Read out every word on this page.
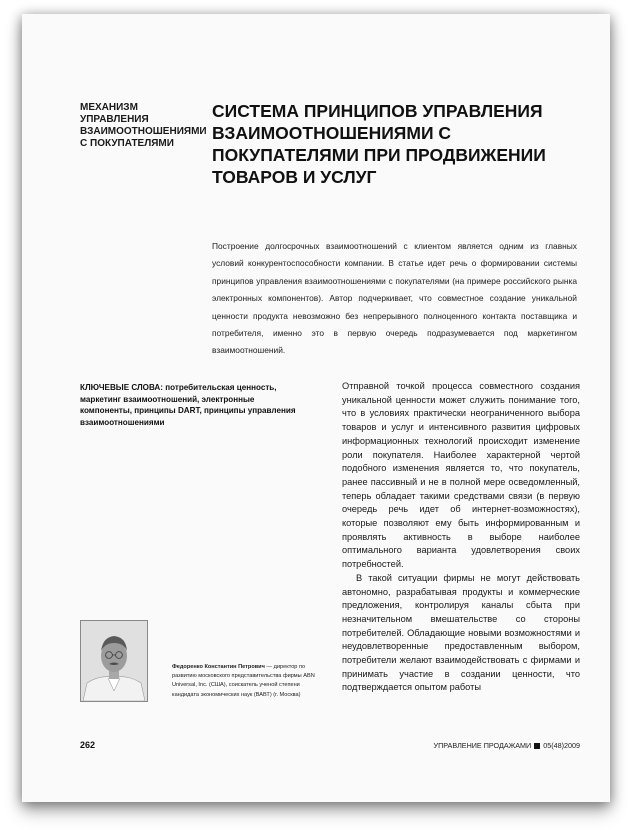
МЕХАНИЗМ УПРАВЛЕНИЯ ВЗАИМООТНОШЕНИЯМИ С ПОКУПАТЕЛЯМИ
СИСТЕМА ПРИНЦИПОВ УПРАВЛЕНИЯ ВЗАИМООТНОШЕНИЯМИ С ПОКУПАТЕЛЯМИ ПРИ ПРОДВИЖЕНИИ ТОВАРОВ И УСЛУГ
Построение долгосрочных взаимоотношений с клиентом является одним из главных условий конкурентоспособности компании. В статье идет речь о формировании системы принципов управления взаимоотношениями с покупателями (на примере российского рынка электронных компонентов). Автор подчеркивает, что совместное создание уникальной ценности продукта невозможно без непрерывного полноценного контакта поставщика и потребителя, именно это в первую очередь подразумевается под маркетингом взаимоотношений.
КЛЮЧЕВЫЕ СЛОВА: потребительская ценность, маркетинг взаимоотношений, электронные компоненты, принципы DART, принципы управления взаимоотношениями

Отправной точкой процесса совместного создания уникальной ценности может служить понимание того, что в условиях практически неограниченного выбора товаров и услуг и интенсивного развития цифровых информационных технологий происходит изменение роли покупателя. Наиболее характерной чертой подобного изменения является то, что покупатель, ранее пассивный и не в полной мере осведомленный, теперь обладает такими средствами связи (в первую очередь речь идет об интернет-возможностях), которые позволяют ему быть информированным и проявлять активность в выборе наиболее оптимального варианта удовлетворения своих потребностей.

В такой ситуации фирмы не могут действовать автономно, разрабатывая продукты и коммерческие предложения, контролируя каналы сбыта при незначительном вмешательстве со стороны потребителей. Обладающие новыми возможностями и неудовлетворенные предоставленным выбором, потребители желают взаимодействовать с фирмами и принимать участие в создании ценности, что подтверждается опытом работы

Федоренко Константин Петрович — директор по развитию московского представительства фирмы ABN Universal, Inc. (США), соискатель ученой степени кандидата экономических наук (ВАВТ) (г. Москва)
262	УПРАВЛЕНИЕ ПРОДАЖАМИ 05(48)2009
